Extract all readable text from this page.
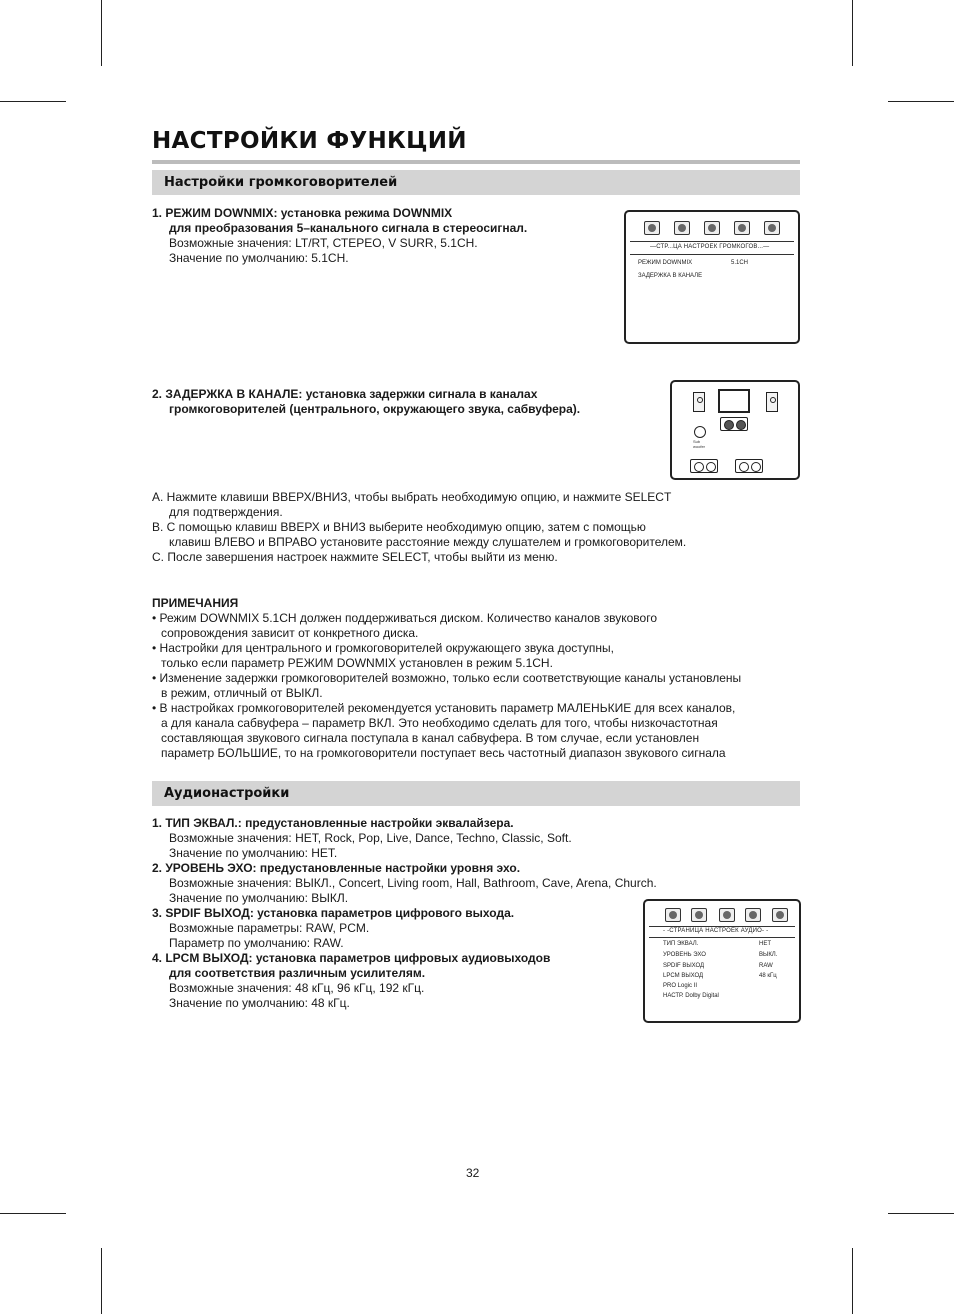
НАСТРОЙКИ ФУНКЦИЙ
Настройки громкоговорителей
1. РЕЖИМ DOWNMIX: установка режима DOWNMIX
для преобразования 5–канального сигнала в стереосигнал.
Возможные значения: LT/RT, СТЕРЕО, V SURR, 5.1CH.
Значение по умолчанию: 5.1CH.
—СТР...ЦА НАСТРОЕК ГРОМКОГОВ...—
РЕЖИМ DOWNMIX	5.1CH
ЗАДЕРЖКА В КАНАЛЕ
2. ЗАДЕРЖКА В КАНАЛЕ: установка задержки сигнала в каналах
громкоговорителей (центрального, окружающего звука, сабвуфера).
Sub
woofer
A. Нажмите клавиши ВВЕРХ/ВНИЗ, чтобы выбрать необходимую опцию, и нажмите SELECT
для подтверждения.
B. С помощью клавиш ВВЕРХ и ВНИЗ выберите необходимую опцию, затем с помощью
клавиш ВЛЕВО и ВПРАВО установите расстояние между слушателем и громкоговорителем.
C. После завершения настроек нажмите SELECT, чтобы выйти из меню.
ПРИМЕЧАНИЯ
• Режим DOWNMIX 5.1CH должен поддерживаться диском. Количество каналов звукового
сопровождения зависит от конкретного диска.
• Настройки для центрального и громкоговорителей окружающего звука доступны,
только если параметр РЕЖИМ DOWNMIX установлен в режим 5.1CH.
• Изменение задержки громкоговорителей возможно, только если соответствующие каналы установлены
в режим, отличный от ВЫКЛ.
• В настройках громкоговорителей рекомендуется установить параметр МАЛЕНЬКИЕ для всех каналов,
а для канала сабвуфера – параметр ВКЛ. Это необходимо сделать для того, чтобы низкочастотная
составляющая звукового сигнала поступала в канал сабвуфера. В том случае, если установлен
параметр БОЛЬШИЕ, то на громкоговорители поступает весь частотный диапазон звукового сигнала
Аудионастройки
1. ТИП ЭКВАЛ.: предустановленные настройки эквалайзера.
Возможные значения: НЕТ, Rock, Pop, Live, Dance, Techno, Classic, Soft.
Значение по умолчанию: НЕТ.
2. УРОВЕНЬ ЭХО: предустановленные настройки уровня эхо.
Возможные значения: ВЫКЛ., Concert, Living room, Hall, Bathroom, Cave, Arena, Church.
Значение по умолчанию: ВЫКЛ.
3. SPDIF ВЫХОД: установка параметров цифрового выхода.
Возможные параметры: RAW, PCM.
Параметр по умолчанию: RAW.
4. LPCM ВЫХОД: установка параметров цифровых аудиовыходов
для соответствия различным усилителям.
Возможные значения: 48 кГц, 96 кГц, 192 кГц.
Значение по умолчанию: 48 кГц.
- -СТРАНИЦА НАСТРОЕК АУДИО- -
ТИП ЭКВАЛ.	НЕТ
УРОВЕНЬ ЭХО	ВЫКЛ.
SPDIF ВЫХОД	RAW
LPCM ВЫХОД	48 кГц
PRO Logic II
НАСТР. Dolby Digital
32
